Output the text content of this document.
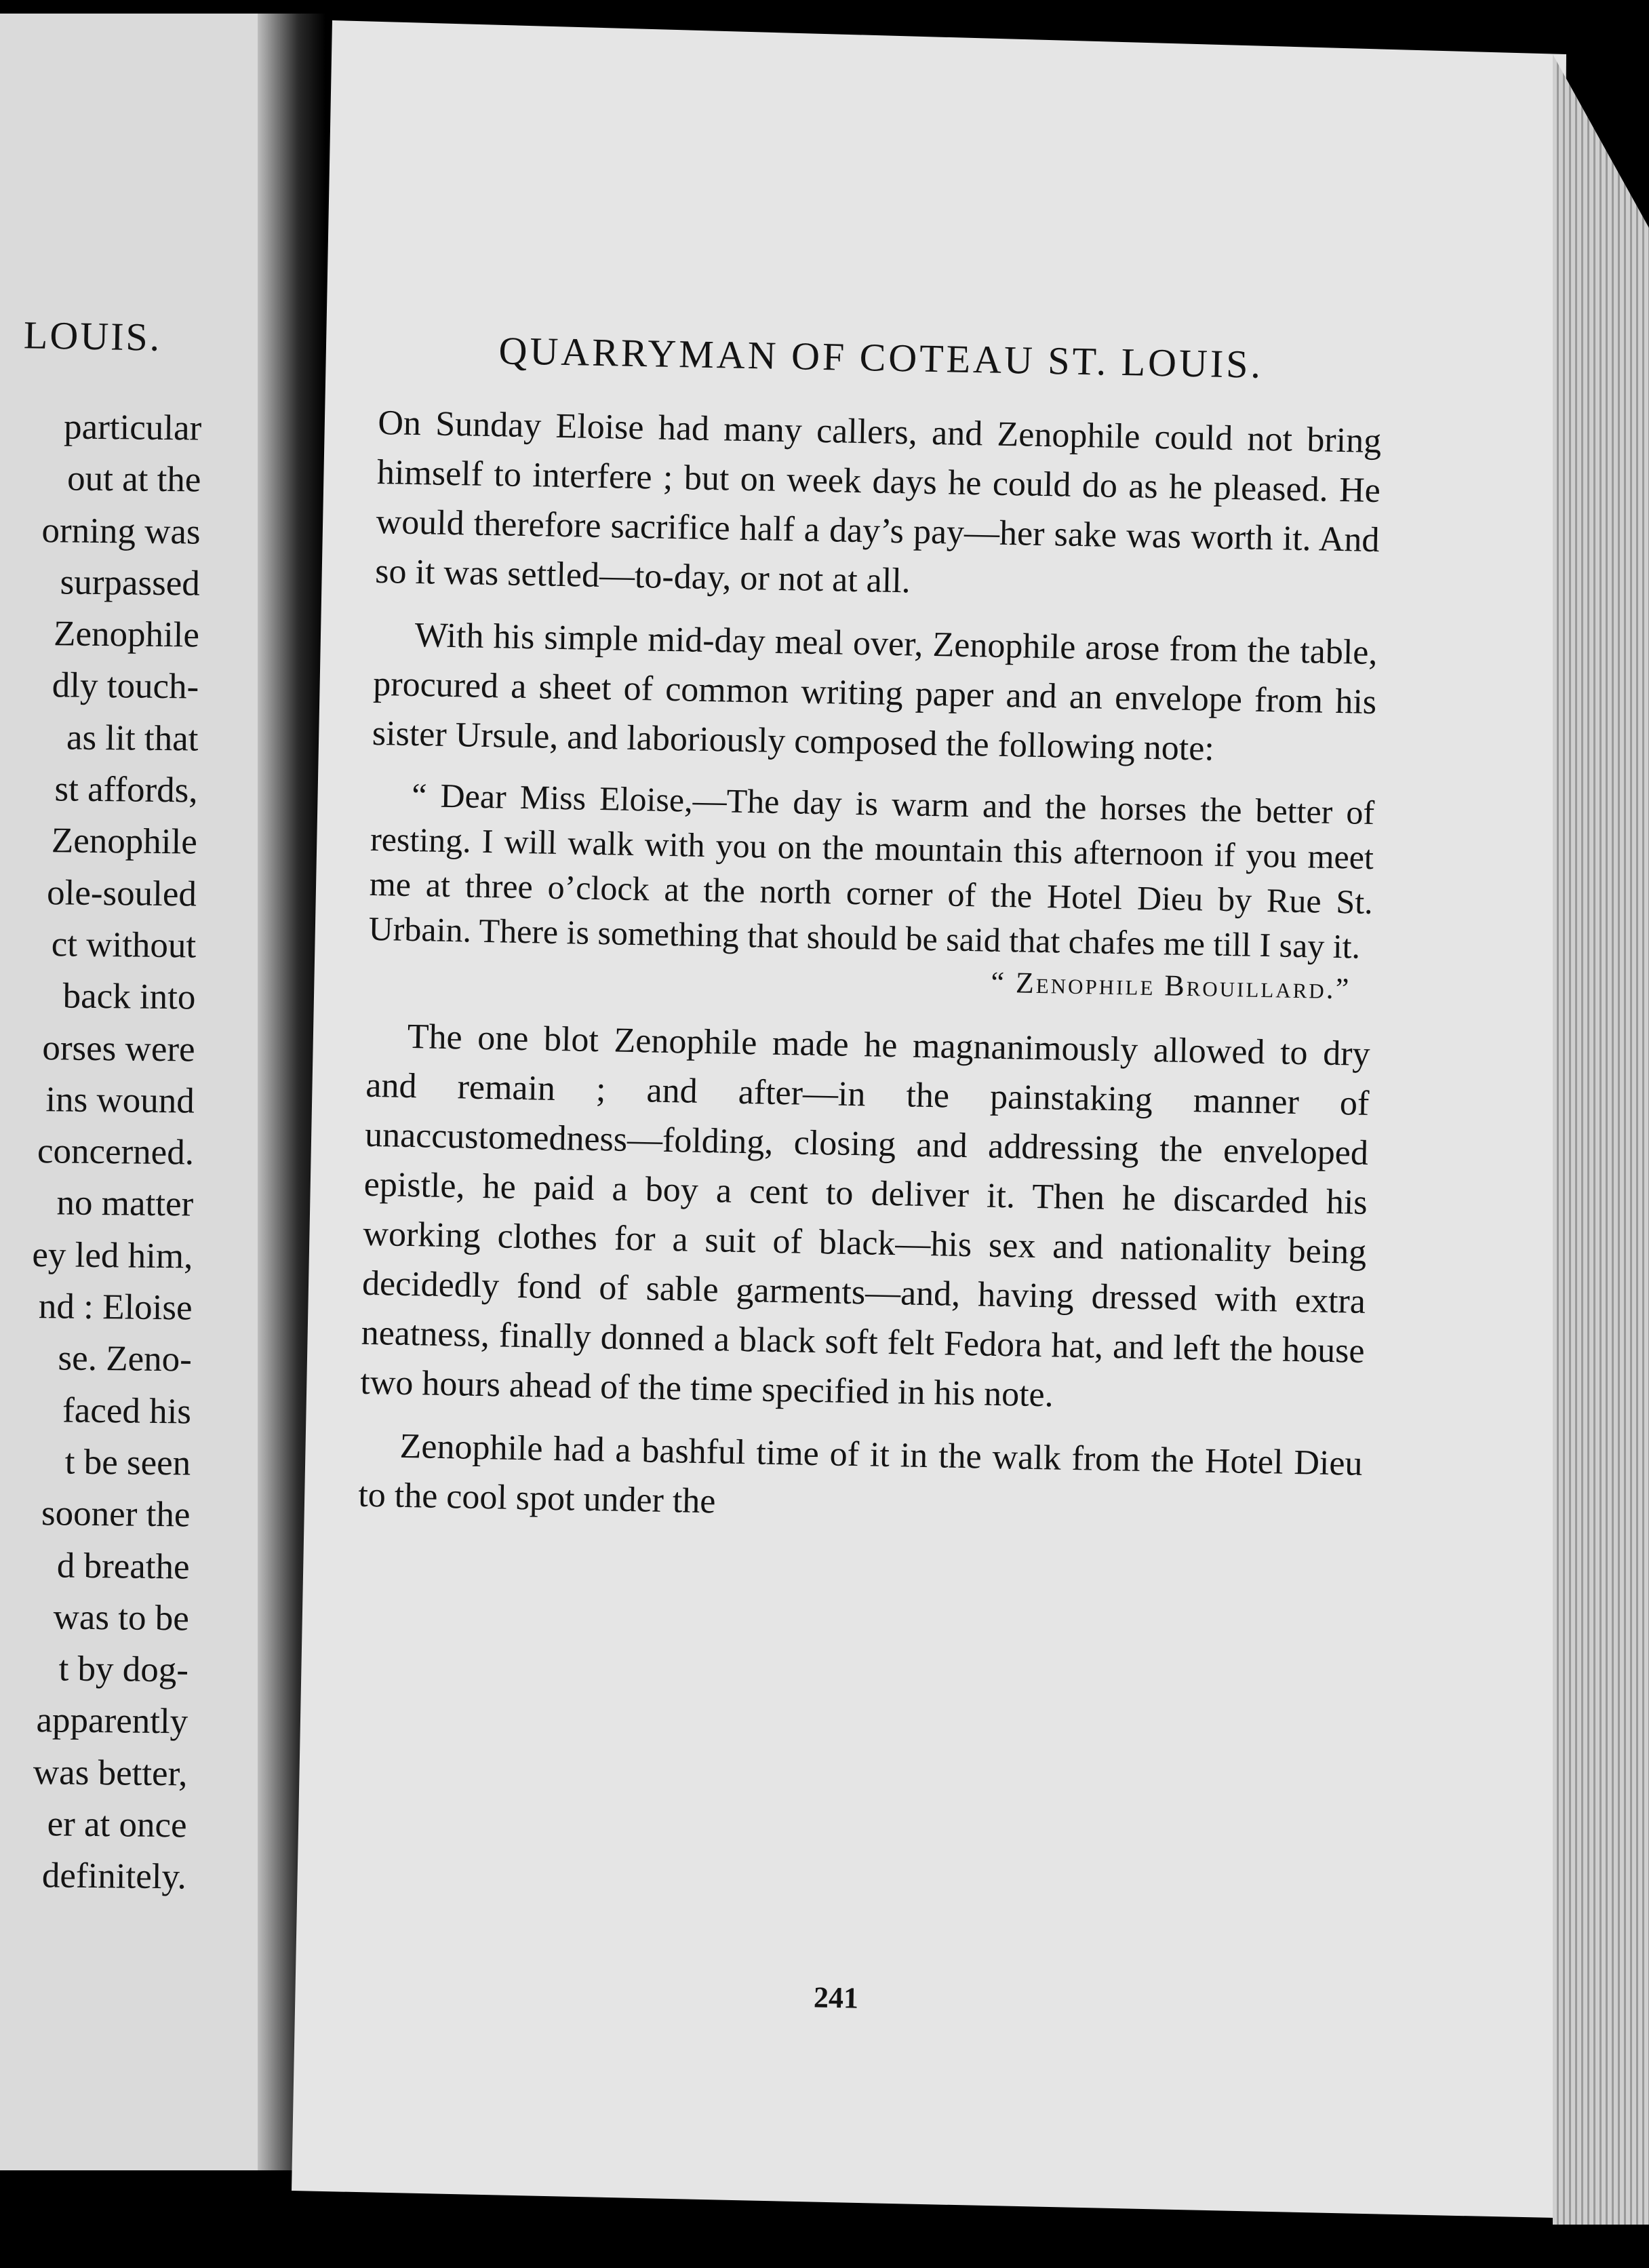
LOUIS.
particular
out at the
orning was
surpassed
Zenophile
dly touch-
as lit that
st affords,
Zenophile
ole-souled
ct without
back into
orses were
ins wound
concerned.
no matter
ey led him,
nd : Eloise
se. Zeno-
faced his
t be seen
sooner the
d breathe
was to be
t by dog-
apparently
was better,
er at once
definitely.
QUARRYMAN OF COTEAU ST. LOUIS.

On Sunday Eloise had many callers, and Zenophile could not bring himself to interfere ; but on week days he could do as he pleased. He would therefore sacrifice half a day’s pay—her sake was worth it. And so it was settled—to-day, or not at all.

With his simple mid-day meal over, Zenophile arose from the table, procured a sheet of common writing paper and an envelope from his sister Ursule, and laboriously composed the following note:

“ Dear Miss Eloise,—The day is warm and the horses the better of resting. I will walk with you on the mountain this afternoon if you meet me at three o’clock at the north corner of the Hotel Dieu by Rue St. Urbain. There is something that should be said that chafes me till I say it.

“ Zenophile Brouillard.”

The one blot Zenophile made he magnanimously allowed to dry and remain ; and after—in the painstaking manner of unaccustomedness—folding, closing and addressing the enveloped epistle, he paid a boy a cent to deliver it. Then he discarded his working clothes for a suit of black—his sex and nationality being decidedly fond of sable garments—and, having dressed with extra neatness, finally donned a black soft felt Fedora hat, and left the house two hours ahead of the time specified in his note.

Zenophile had a bashful time of it in the walk from the Hotel Dieu to the cool spot under the

241
